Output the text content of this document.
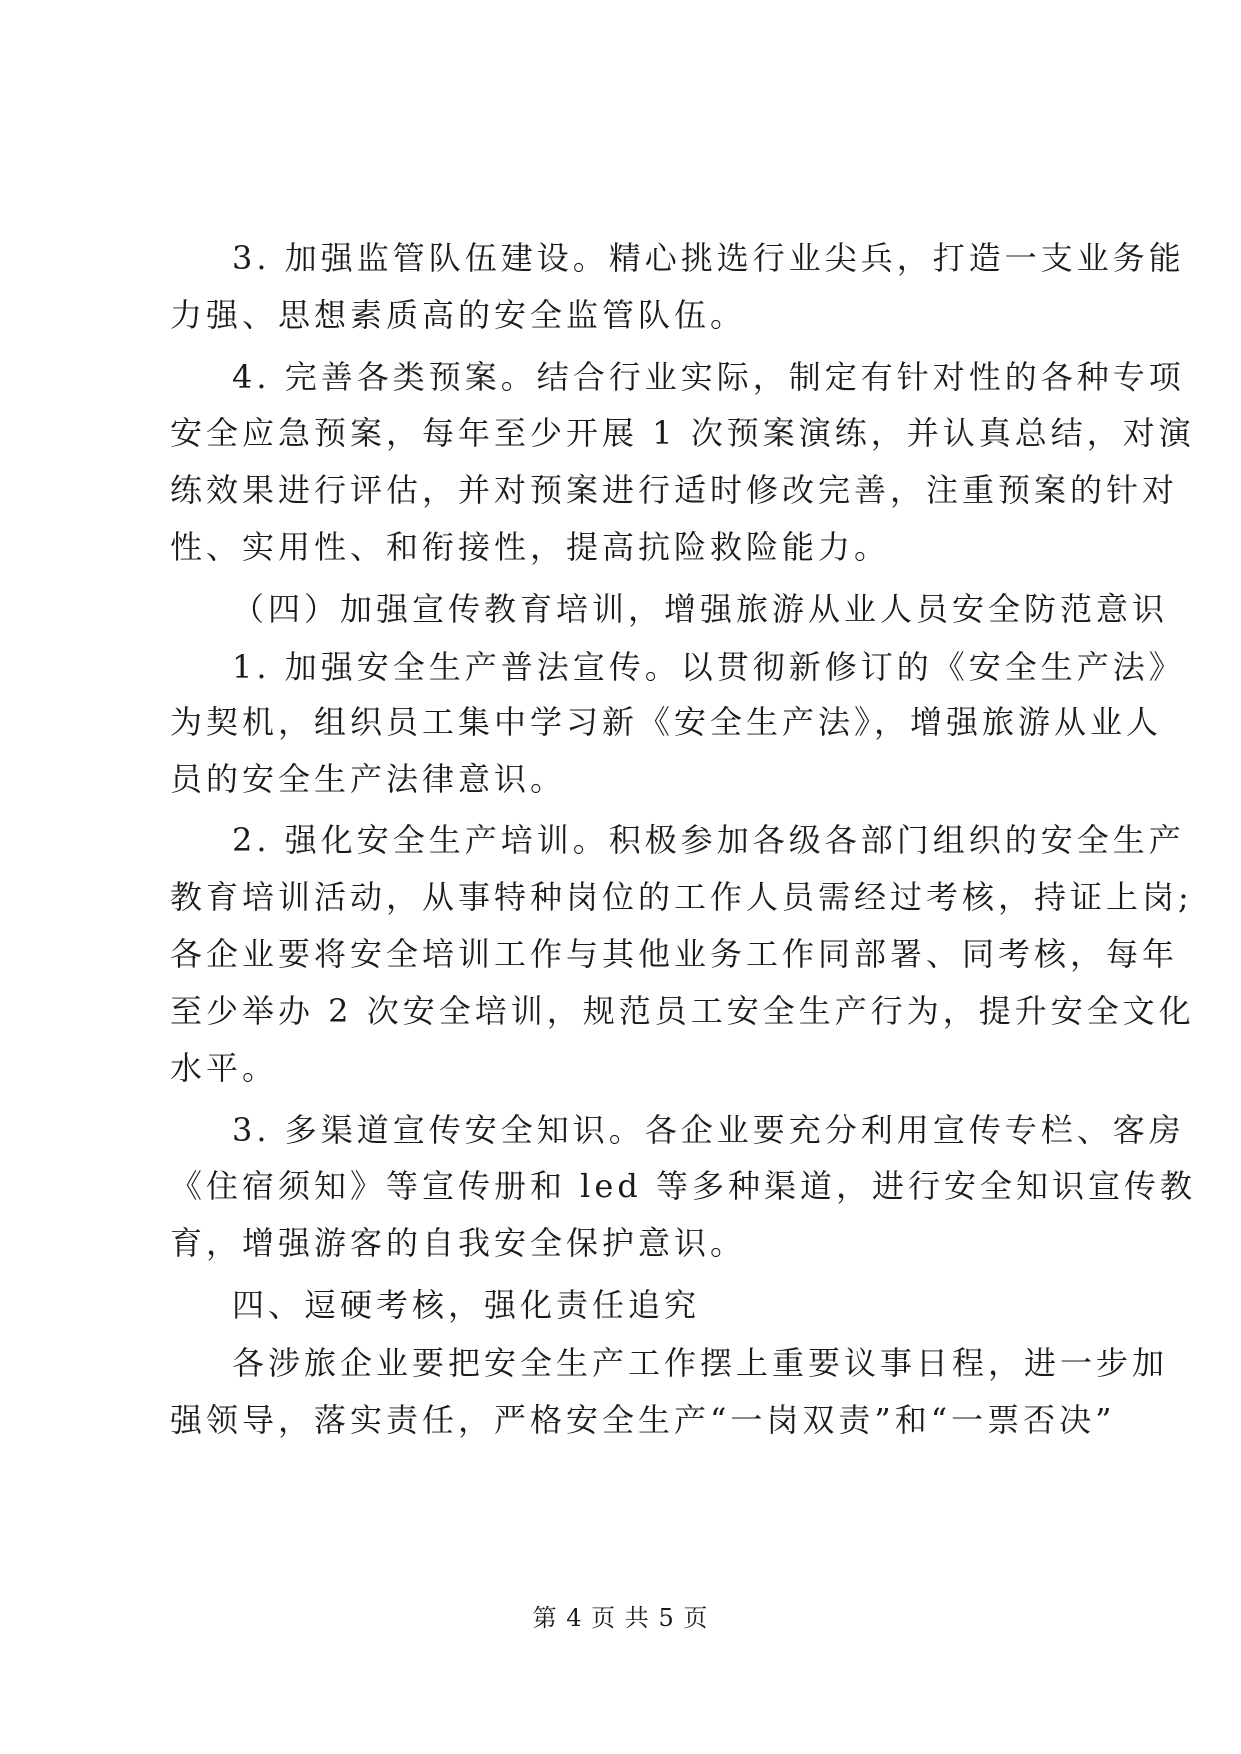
3. 加强监管队伍建设。精心挑选行业尖兵，打造一支业务能
力强、思想素质高的安全监管队伍。
4. 完善各类预案。结合行业实际，制定有针对性的各种专项
安全应急预案，每年至少开展 1 次预案演练，并认真总结，对演
练效果进行评估，并对预案进行适时修改完善，注重预案的针对
性、实用性、和衔接性，提高抗险救险能力。
（四）加强宣传教育培训，增强旅游从业人员安全防范意识
1. 加强安全生产普法宣传。以贯彻新修订的《安全生产法》
为契机，组织员工集中学习新《安全生产法》，增强旅游从业人
员的安全生产法律意识。
2. 强化安全生产培训。积极参加各级各部门组织的安全生产
教育培训活动，从事特种岗位的工作人员需经过考核，持证上岗;
各企业要将安全培训工作与其他业务工作同部署、同考核，每年
至少举办 2 次安全培训，规范员工安全生产行为，提升安全文化
水平。
3. 多渠道宣传安全知识。各企业要充分利用宣传专栏、客房
《住宿须知》等宣传册和 led 等多种渠道，进行安全知识宣传教
育，增强游客的自我安全保护意识。
四、逗硬考核，强化责任追究
各涉旅企业要把安全生产工作摆上重要议事日程，进一步加
强领导，落实责任，严格安全生产“一岗双责”和“一票否决”
第 4 页 共 5 页
